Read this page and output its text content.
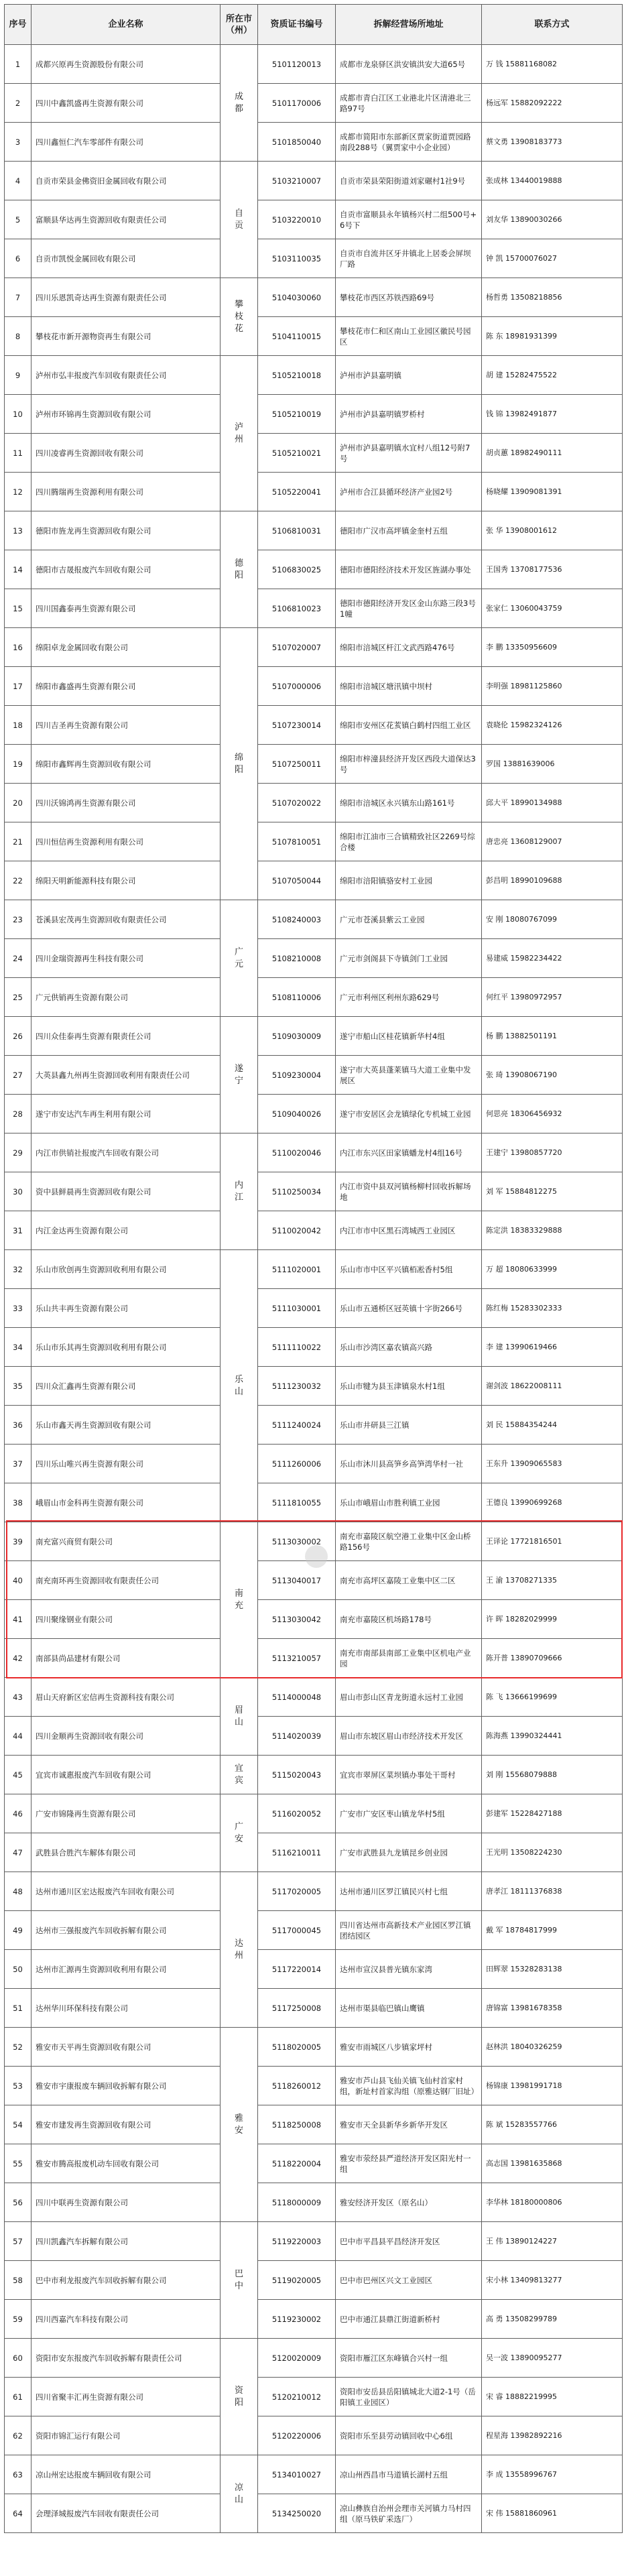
序号	企业名称	所在市（州）	资质证书编号	拆解经营场所地址	联系方式
1	成都兴原再生资源股份有限公司	成都	5101120013	成都市龙泉驿区洪安镇洪安大道65号	万 钱 15881168082
2	四川中鑫凯盛再生资源有限公司		5101170006	成都市青白江区工业港北片区清港北三路97号	杨远军 15882092222
3	四川鑫恒仁汽车零部件有限公司		5101850040	成都市简阳市东部新区贾家街道贾园路南段288号（翼贾家中小企业园）	蔡文勇 13908183773
4	自贡市荣县金佛资旧金属回收有限公司	自贡	5103210007	自贡市荣县荣阳街道刘家碾村1社9号	张成林 13440019888
5	富顺县华达再生资源回收有限责任公司		5103220010	自贡市富顺县永年镇杨兴村二组500号+6号下	刘友华 13890030266
6	自贡市凯悦金属回收有限公司		5103110035	自贡市自流井区牙井镇北上居委会屏坝厂路	钟 凯 15700076027
7	四川乐恩凯奇达再生资源有限责任公司	攀枝花	5104030060	攀枝花市西区苏铁西路69号	杨哲勇 13508218856
8	攀枝花市新开源物资再生有限公司		5104110015	攀枝花市仁和区南山工业园区徽民号园区	陈 东 18981931399
9	泸州市弘丰报废汽车回收有限责任公司	泸州	5105210018	泸州市泸县嘉明镇	胡 建 15282475522
10	泸州市环锦再生资源回收有限公司		5105210019	泸州市泸县嘉明镇罗桥村	钱 锦 13982491877
11	四川凌睿再生资源回收有限公司		5105210021	泸州市泸县嘉明镇水宜村八组12号附7号	胡贞蕙 18982490111
12	四川腾瑞再生资源利用有限公司		5105220041	泸州市合江县循环经济产业园2号	杨晓耀 13909081391
13	德阳市旌龙再生资源回收有限公司	德阳	5106810031	德阳市广汉市高坪镇金奎村五组	张 华 13908001612
14	德阳市吉晟报废汽车回收有限公司		5106830025	德阳市德阳经济技术开发区旌湖办事处	王国秀 13708177536
15	四川国鑫泰再生资源有限公司		5106810023	德阳市德阳经济开发区金山东路三段3号1幢	张家仁 13060043759
16	绵阳卓龙金属回收有限公司	绵阳	5107020007	绵阳市涪城区杆江文武西路476号	李 鹏 13350956609
17	绵阳市鑫盛再生资源有限公司		5107000006	绵阳市涪城区塘汛镇中坝村	李明强 18981125860
18	四川吉圣再生资源有限公司		5107230014	绵阳市安州区花荄镇白鹤村四组工业区	袁晓伦 15982324126
19	绵阳市鑫辉再生资源回收有限公司		5107250011	绵阳市梓潼县经济开发区西段大道保达3号	罗国 13881639006
20	四川沃锦鸿再生资源有限公司		5107020022	绵阳市涪城区永兴镇东山路161号	邱大平 18990134988
21	四川恒信再生资源利用有限公司		5107810051	绵阳市江油市三合镇精致社区2269号综合楼	唐忠亮 13608129007
22	绵阳天明新能源科技有限公司		5107050044	绵阳市涪阳镇骆安村工业园	彭昌明 18990109688
23	苍溪县宏茂再生资源回收有限责任公司	广元	5108240003	广元市苍溪县紫云工业园	安 刚 18080767099
24	四川金瑞资源再生科技有限公司		5108210008	广元市剑阁县下寺镇剑门工业园	易建威 15982234422
25	广元供销再生资源有限公司		5108110006	广元市利州区利州东路629号	何红平 13980972957
26	四川众佳泰再生资源有限责任公司	遂宁	5109030009	遂宁市船山区桂花镇新华村4组	杨 鹏 13882501191
27	大英县鑫九州再生资源回收利用有限责任公司		5109230004	遂宁市大英县蓬莱镇马大道工业集中发展区	张 琦 13908067190
28	遂宁市安达汽车再生利用有限公司		5109040026	遂宁市安居区会龙镇绿化专机城工业园	何思亮 18306456932
29	内江市供销社报废汽车回收有限公司	内江	5110020046	内江市东兴区田家镇蟠龙村4组16号	王建宁 13980857720
30	资中县鲜晨再生资源回收有限公司		5110250034	内江市资中县双河镇杨柳村回收拆解场地	刘 军 15884812275
31	内江金达再生资源有限公司		5110020042	内江市市中区黑石湾城西工业园区	陈定洪 18383329888
32	乐山市欣创再生资源回收利用有限公司	乐山	5111020001	乐山市市中区平兴镇栢凇香村5组	万 超 18080633999
33	乐山共丰再生资源有限公司		5111030001	乐山市五通桥区冠英镇十字街266号	陈红梅 15283302333
34	乐山市乐其再生资源回收利用有限公司		5111110022	乐山市沙湾区嘉农镇高兴路	李 建 13990619466
35	四川众汇鑫再生资源有限公司		5111230032	乐山市犍为县玉津镇泉水村1组	谢剑波 18622008111
36	乐山市鑫天再生资源回收有限公司		5111240024	乐山市井研县三江镇	刘 民 15884354244
37	四川乐山唯兴再生资源有限公司		5111260006	乐山市沐川县高笋乡高笋湾华村一社	王东升 13909065583
38	峨眉山市金科再生资源有限公司		5111810055	乐山市峨眉山市胜利镇工业园	王德良 13990699268
39	南充富兴商贸有限公司	南充	5113030002	南充市嘉陵区航空港工业集中区金山桥路156号	王译论 17721816501
40	南充南环再生资源回收有限责任公司		5113040017	南充市高坪区嘉陵工业集中区二区	王 渝 13708271335
41	四川聚缘钢业有限公司		5113030042	南充市嘉陵区机场路178号	许 晖 18282029999
42	南部县尚品建材有限公司		5113210057	南充市南部县南部工业集中区机电产业园	陈开普 13890709666
43	眉山天府新区宏信再生资源科技有限公司	眉山	5114000048	眉山市彭山区青龙街道永远村工业园	陈 飞 13666199699
44	四川金顺再生资源回收有限公司		5114020039	眉山市东坡区眉山市经济技术开发区	陈海燕 13990324441
45	宜宾市诚惠报废汽车回收有限公司	宜宾	5115020043	宜宾市翠屏区菜坝镇办事处干哥村	刘 刚 15568079888
46	广安市锦隆再生资源有限公司	广安	5116020052	广安市广安区枣山镇龙华村5组	彭建军 15228427188
47	武胜县合胜汽车解体有限公司		5116210011	广安市武胜县九龙镇昆乡创业园	王光明 13508224230
48	达州市通川区宏达报废汽车回收有限公司	达州	5117020005	达州市通川区罗江镇民兴村七组	唐孝江 18111376838
49	达州市三强报废汽车回收拆解有限公司		5117000045	四川省达州市高新技术产业园区罗江镇团结园区	戴 军 18784817999
50	达州市汇源再生资源回收利用有限公司		5117220014	达州市宣汉县普光镇东家湾	田辉翠 15328283138
51	达州华川环保科技有限公司		5117250008	达州市渠县临巴镇山鹰镇	唐锦富 13981678358
52	雅安市天平再生资源回收有限公司	雅安	5118020005	雅安市雨城区八步镇家坪村	赵林洪 18040326259
53	雅安市宇康报废车辆回收拆解有限公司		5118260012	雅安市芦山县飞仙关镇飞仙村首家村组，新址村首家沟组（原雅达钢厂旧址）	杨锦康 13981991718
54	雅安市建发再生资源回收有限公司		5118250008	雅安市天全县新华乡新华开发区	陈 斌 15283557766
55	雅安市腾高报废机动车回收有限公司		5118220004	雅安市荥经县严道经济开发区阳光村一组	高志国 13981635868
56	四川中联再生资源有限公司		5118000009	雅安经济开发区（原名山）	李华林 18180000806
57	四川凯鑫汽车拆解有限公司	巴中	5119220003	巴中市平昌县平昌经济开发区	王 伟 13890124227
58	巴中市利龙报废汽车回收拆解有限公司		5119020005	巴中市巴州区兴文工业园区	宋小林 13409813277
59	四川西嘉汽车科技有限公司		5119230002	巴中市通江县鼎江街道新桥村	高 勇 13508299789
60	资阳市安东报废汽车回收拆解有限责任公司	资阳	5120020009	资阳市雁江区东峰镇合兴村一组	吴一波 13890095277
61	四川省聚丰汇再生资源有限公司		5120210012	资阳市安岳县岳阳镇城北大道2-1号（岳阳镇工业园区）	宋 睿 18882219995
62	资阳市锦汇运行有限公司		5120220006	资阳市乐至县劳动镇回收中心6组	程星海 13982892216
63	凉山州宏达报废车辆回收有限公司	凉山	5134010027	凉山州西昌市马道镇长湖村五组	李 成 13558996767
64	会理泽城报废汽车回收有限责任公司		5134250020	凉山彝族自治州会理市关河镇力马村四组（原马铁矿采选厂）	宋 伟 15881860961
